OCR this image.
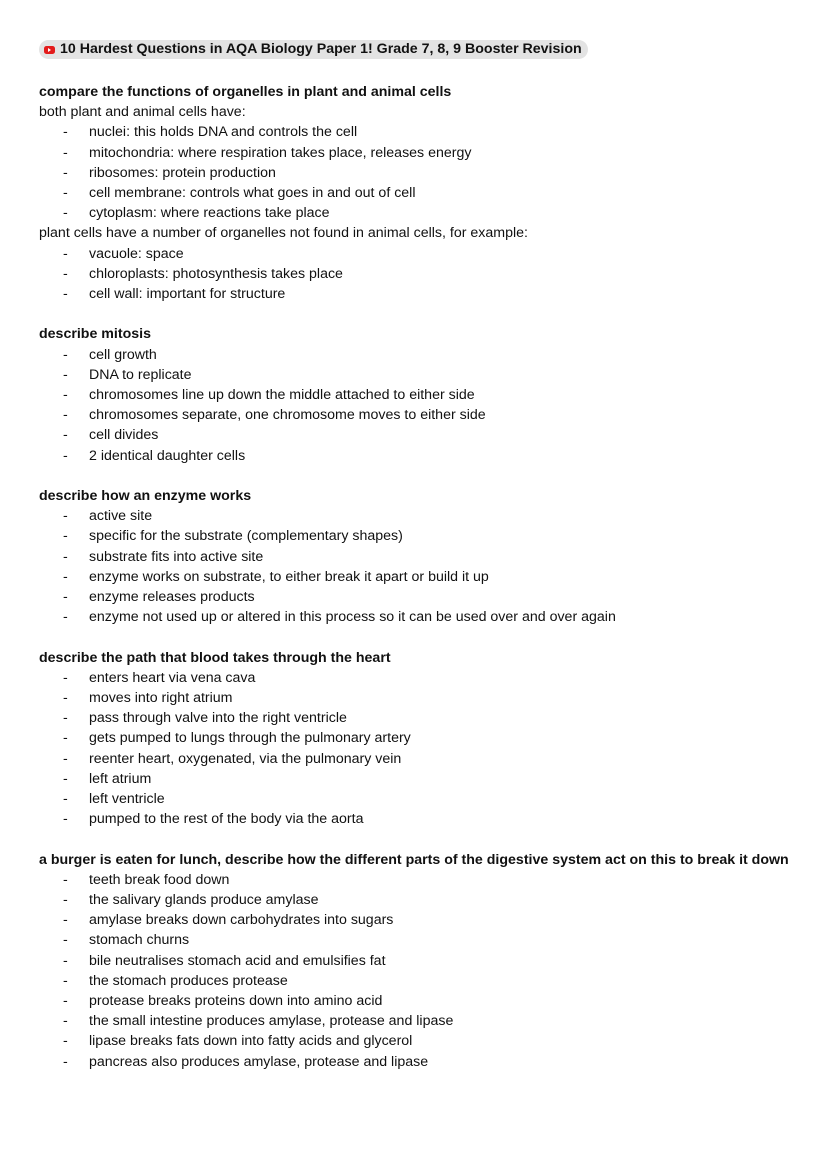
10 Hardest Questions in AQA Biology Paper 1! Grade 7, 8, 9 Booster Revision
compare the functions of organelles in plant and animal cells
both plant and animal cells have:
- nuclei: this holds DNA and controls the cell
- mitochondria: where respiration takes place, releases energy
- ribosomes: protein production
- cell membrane: controls what goes in and out of cell
- cytoplasm: where reactions take place
plant cells have a number of organelles not found in animal cells, for example:
- vacuole: space
- chloroplasts: photosynthesis takes place
- cell wall: important for structure
describe mitosis
- cell growth
- DNA to replicate
- chromosomes line up down the middle attached to either side
- chromosomes separate, one chromosome moves to either side
- cell divides
- 2 identical daughter cells
describe how an enzyme works
- active site
- specific for the substrate (complementary shapes)
- substrate fits into active site
- enzyme works on substrate, to either break it apart or build it up
- enzyme releases products
- enzyme not used up or altered in this process so it can be used over and over again
describe the path that blood takes through the heart
- enters heart via vena cava
- moves into right atrium
- pass through valve into the right ventricle
- gets pumped to lungs through the pulmonary artery
- reenter heart, oxygenated, via the pulmonary vein
- left atrium
- left ventricle
- pumped to the rest of the body via the aorta
a burger is eaten for lunch, describe how the different parts of the digestive system act on this to break it down
- teeth break food down
- the salivary glands produce amylase
- amylase breaks down carbohydrates into sugars
- stomach churns
- bile neutralises stomach acid and emulsifies fat
- the stomach produces protease
- protease breaks proteins down into amino acid
- the small intestine produces amylase, protease and lipase
- lipase breaks fats down into fatty acids and glycerol
- pancreas also produces amylase, protease and lipase
